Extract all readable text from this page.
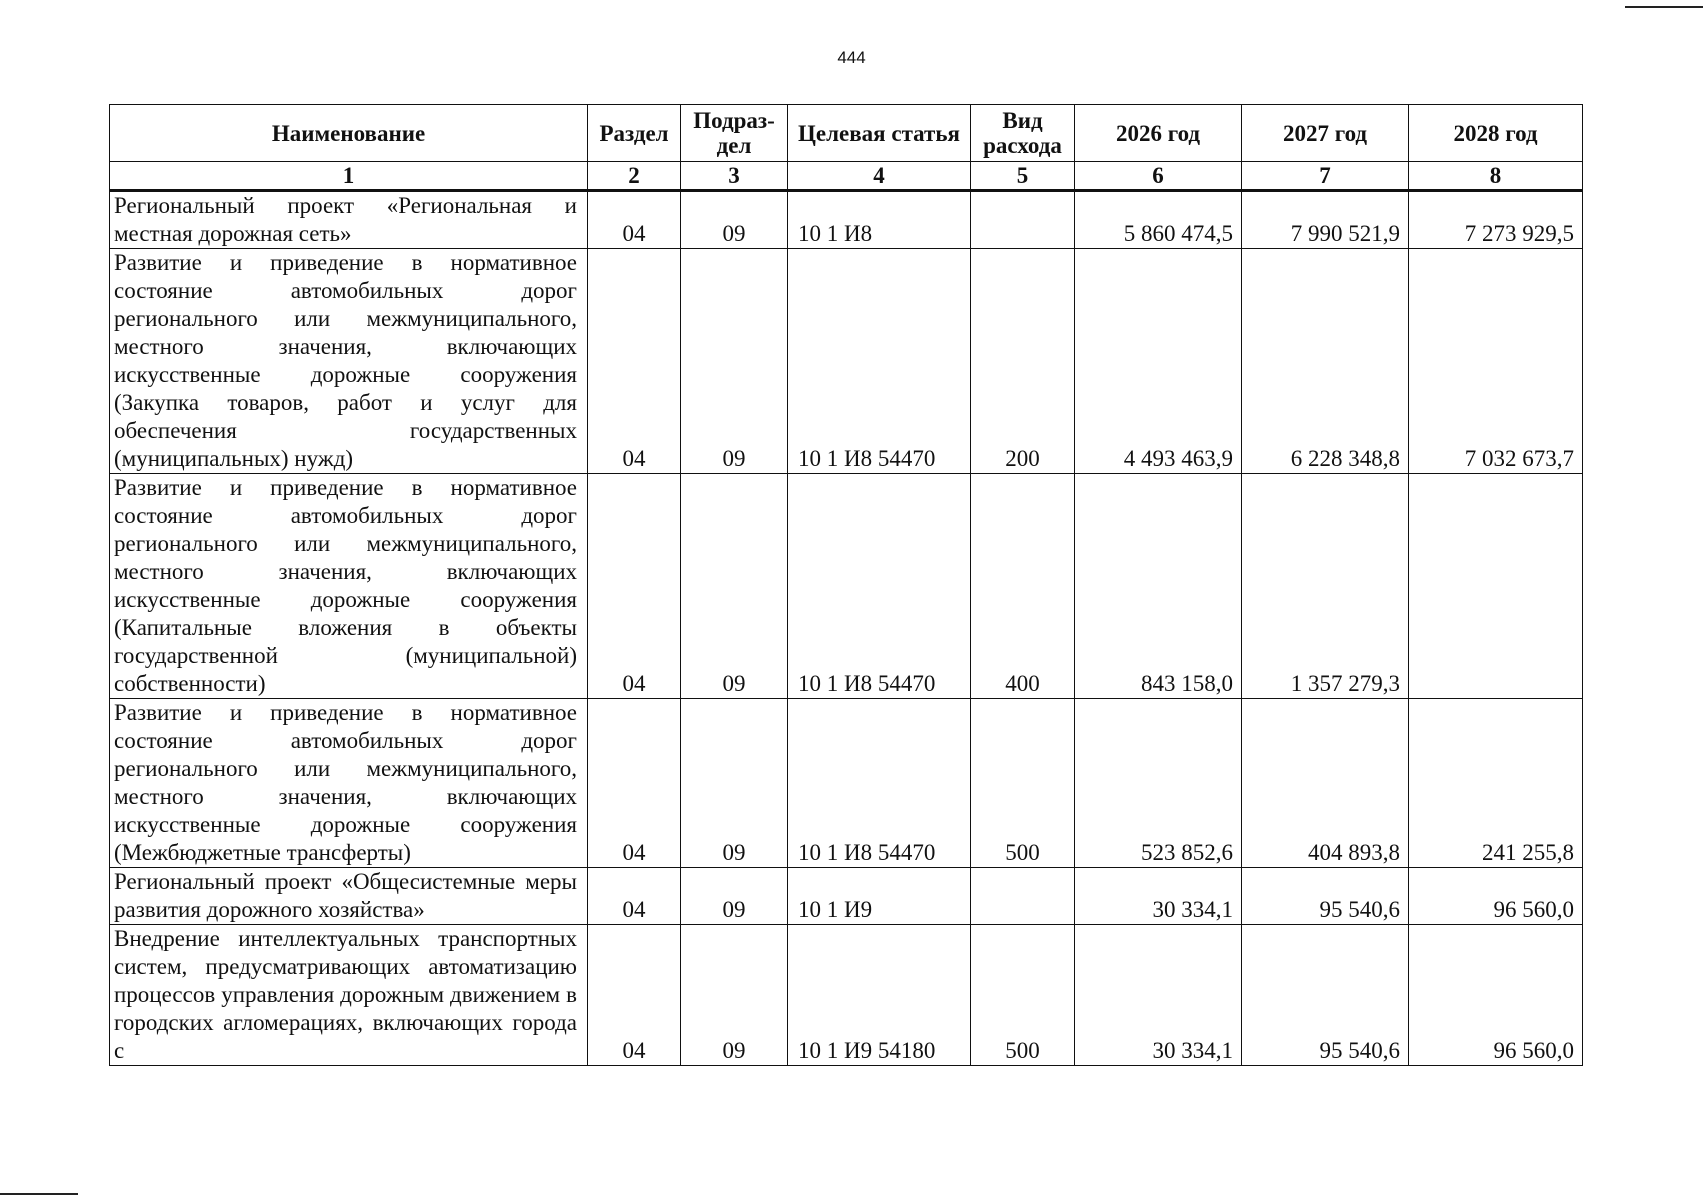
444
Наименование	Раздел	Подраз-дел	Целевая статья	Вид расхода	2026 год	2027 год	2028 год
1	2	3	4	5	6	7	8
Региональный проект «Региональная и местная дорожная сеть»	04	09	10 1 И8		5 860 474,5	7 990 521,9	7 273 929,5
Развитие и приведение в нормативное состояние автомобильных дорог регионального или межмуниципального, местного значения, включающих искусственные дорожные сооружения (Закупка товаров, работ и услуг для обеспечения государственных (муниципальных) нужд)	04	09	10 1 И8 54470	200	4 493 463,9	6 228 348,8	7 032 673,7
Развитие и приведение в нормативное состояние автомобильных дорог регионального или межмуниципального, местного значения, включающих искусственные дорожные сооружения (Капитальные вложения в объекты государственной (муниципальной) собственности)	04	09	10 1 И8 54470	400	843 158,0	1 357 279,3	
Развитие и приведение в нормативное состояние автомобильных дорог регионального или межмуниципального, местного значения, включающих искусственные дорожные сооружения (Межбюджетные трансферты)	04	09	10 1 И8 54470	500	523 852,6	404 893,8	241 255,8
Региональный проект «Общесистемные меры развития дорожного хозяйства»	04	09	10 1 И9		30 334,1	95 540,6	96 560,0
Внедрение интеллектуальных транспортных систем, предусматривающих автоматизацию процессов управления дорожным движением в городских агломерациях, включающих города с	04	09	10 1 И9 54180	500	30 334,1	95 540,6	96 560,0
